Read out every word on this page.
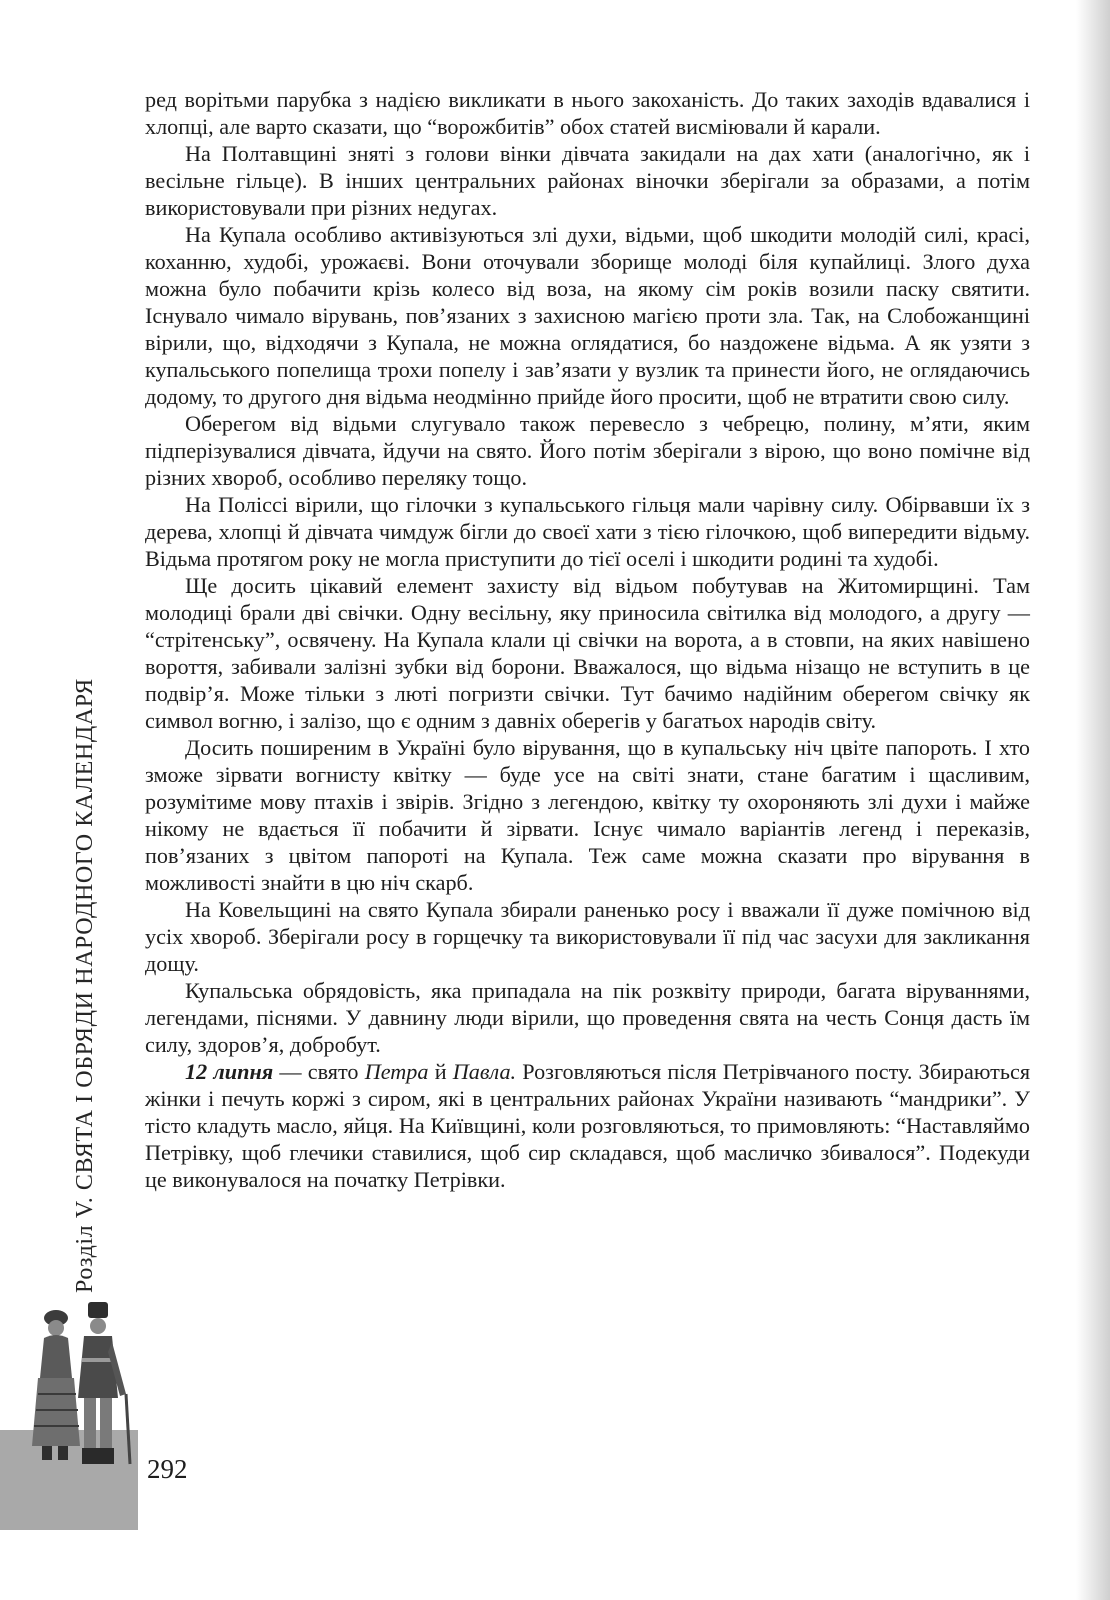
ред ворітьми парубка з надією викликати в нього закоханість. До таких заходів вдавалися і хлопці, але варто сказати, що “ворожбитів” обох статей висміювали й карали.

На Полтавщині зняті з голови вінки дівчата закидали на дах хати (аналогічно, як і весільне гільце). В інших центральних районах віночки зберігали за образами, а потім використовували при різних недугах.

На Купала особливо активізуються злі духи, відьми, щоб шкодити молодій силі, красі, коханню, худобі, урожаєві. Вони оточували зборище молоді біля купайлиці. Злого духа можна було побачити крізь колесо від воза, на якому сім років возили паску святити. Існувало чимало вірувань, пов’язаних з захисною магією проти зла. Так, на Слобожанщині вірили, що, відходячи з Купала, не можна оглядатися, бо наздожене відьма. А як узяти з купальського попелища трохи попелу і зав’язати у вузлик та принести його, не оглядаючись додому, то другого дня відьма неодмінно прийде його просити, щоб не втратити свою силу.

Оберегом від відьми слугувало також перевесло з чебрецю, полину, м’яти, яким підперізувалися дівчата, йдучи на свято. Його потім зберігали з вірою, що воно помічне від різних хвороб, особливо переляку тощо.

На Поліссі вірили, що гілочки з купальського гільця мали чарівну силу. Обірвавши їх з дерева, хлопці й дівчата чимдуж бігли до своєї хати з тією гілочкою, щоб випередити відьму. Відьма протягом року не могла приступити до тієї оселі і шкодити родині та худобі.

Ще досить цікавий елемент захисту від відьом побутував на Житомирщині. Там молодиці брали дві свічки. Одну весільну, яку приносила світилка від молодого, а другу — “стрітенську”, освячену. На Купала клали ці свічки на ворота, а в стовпи, на яких навішено вороття, забивали залізні зубки від борони. Вважалося, що відьма нізащо не вступить в це подвір’я. Може тільки з люті погризти свічки. Тут бачимо надійним оберегом свічку як символ вогню, і залізо, що є одним з давніх оберегів у багатьох народів світу.

Досить поширеним в Україні було вірування, що в купальську ніч цвіте папороть. І хто зможе зірвати вогнисту квітку — буде усе на світі знати, стане багатим і щасливим, розумітиме мову птахів і звірів. Згідно з легендою, квітку ту охороняють злі духи і майже нікому не вдається її побачити й зірвати. Існує чимало варіантів легенд і переказів, пов’язаних з цвітом папороті на Купала. Теж саме можна сказати про вірування в можливості знайти в цю ніч скарб.

На Ковельщині на свято Купала збирали раненько росу і вважали її дуже помічною від усіх хвороб. Зберігали росу в горщечку та використовували її під час засухи для закликання дощу.

Купальська обрядовість, яка припадала на пік розквіту природи, багата віруваннями, легендами, піснями. У давнину люди вірили, що проведення свята на честь Сонця дасть їм силу, здоров’я, добробут.

12 липня — свято Петра й Павла. Розговляються після Петрівчаного посту. Збираються жінки і печуть коржі з сиром, які в центральних районах України називають “мандрики”. У тісто кладуть масло, яйця. На Київщині, коли розговляються, то примовляють: “Наставляймо Петрівку, щоб глечики ставилися, щоб сир складався, щоб масличко збивалося”. Подекуди це виконувалося на початку Петрівки.

Розділ V. СВЯТА І ОБРЯДИ НАРОДНОГО КАЛЕНДАРЯ
292
